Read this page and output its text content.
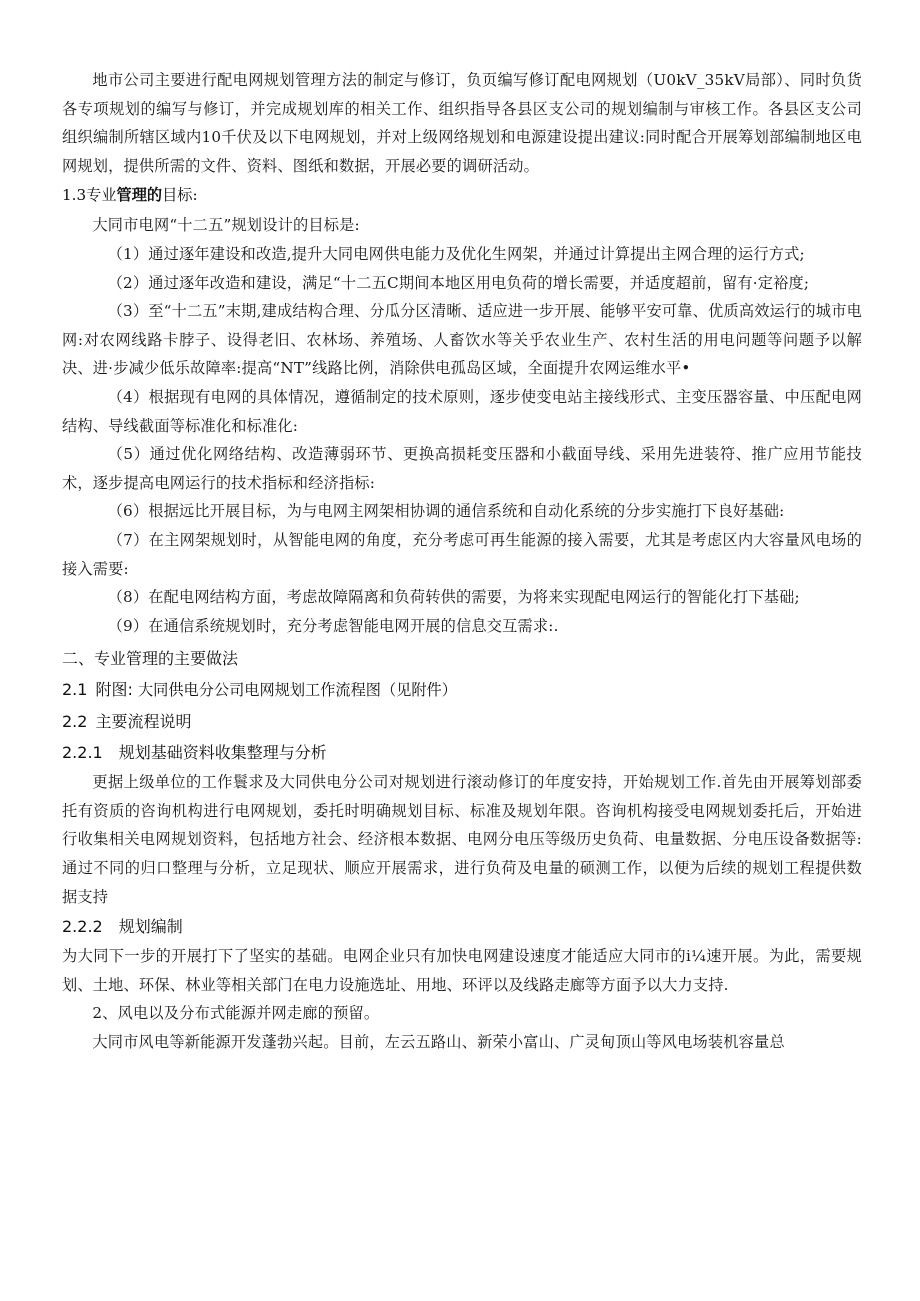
地市公司主要进行配电网规划管理方法的制定与修订，负页编写修订配电网规划（U0kV_35kV局部）、同时负货各专项规划的编写与修订，并完成规划库的相关工作、组织指导各县区支公司的规划编制与审核工作。各县区支公司组织编制所辖区域内10千伏及以下电网规划，并对上级网络规划和电源建设提出建议:同时配合开展筹划部编制地区电网规划，提供所需的文件、资料、图纸和数据，开展必要的调研活动。

1.3专业管理的目标:

大同市电网“十二五”规划设计的目标是:

（1）通过逐年建设和改造,提升大同电网供电能力及优化生网架，并通过计算提出主网合理的运行方式;

（2）通过逐年改造和建设，满足“十二五C期间本地区用电负荷的增长需要，并适度超前，留有·定裕度;

（3）至“十二五”末期,建成结构合理、分瓜分区清晰、适应进一步开展、能够平安可靠、优质高效运行的城市电网:对农网线路卡脖子、设得老旧、农林场、养殖场、人畜饮水等关乎农业生产、农村生活的用电问题等问题予以解决、进·步减少低乐故障率:提高“NT”线路比例，消除供电孤岛区域，全面提升农网运维水平•

（4）根据现有电网的具体情况，遵循制定的技术原则，逐步使变电站主接线形式、主变压器容量、中压配电网结构、导线截面等标准化和标准化:

（5）通过优化网络结构、改造薄弱环节、更换高损耗变压器和小截面导线、采用先进装符、推广应用节能技术，逐步提高电网运行的技术指标和经济指标:

（6）根据远比开展目标，为与电网主网架相协调的通信系统和自动化系统的分步实施打下良好基础:

（7）在主网架规划时，从智能电网的角度，充分考虑可再生能源的接入需要，尤其是考虑区内大容量风电场的接入需要:

（8）在配电网结构方面，考虑故障隔离和负荷转供的需要，为将来实现配电网运行的智能化打下基础;

（9）在通信系统规划时，充分考虑智能电网开展的信息交互需求:.

二、专业管理的主要做法

2.1 附图: 大同供电分公司电网规划工作流程图（见附件）

2.2 主要流程说明

2.2.1 规划基础资料收集整理与分析

更据上级单位的工作鬟求及大同供电分公司对规划进行滚动修订的年度安持，开始规划工作.首先由开展筹划部委托有资质的咨询机构进行电网规划，委托时明确规划目标、标准及规划年限。咨询机构接受电网规划委托后，开始进行收集相关电网规划资料，包括地方社会、经济根本数据、电网分电压等级历史负荷、电量数据、分电压设备数据等:通过不同的归口整理与分析，立足现状、顺应开展需求，进行负荷及电量的硕测工作，以便为后续的规划工程提供数据支持

2.2.2 规划编制

为大同下一步的开展打下了坚实的基础。电网企业只有加快电网建设速度才能适应大同市的i¼速开展。为此，需要规划、土地、环保、林业等相关部门在电力设施选址、用地、环评以及线路走廊等方面予以大力支持.

2、风电以及分布式能源并网走廊的预留。

大同市风电等新能源开发蓬勃兴起。目前，左云五路山、新荣小富山、广灵甸顶山等风电场装机容量总
